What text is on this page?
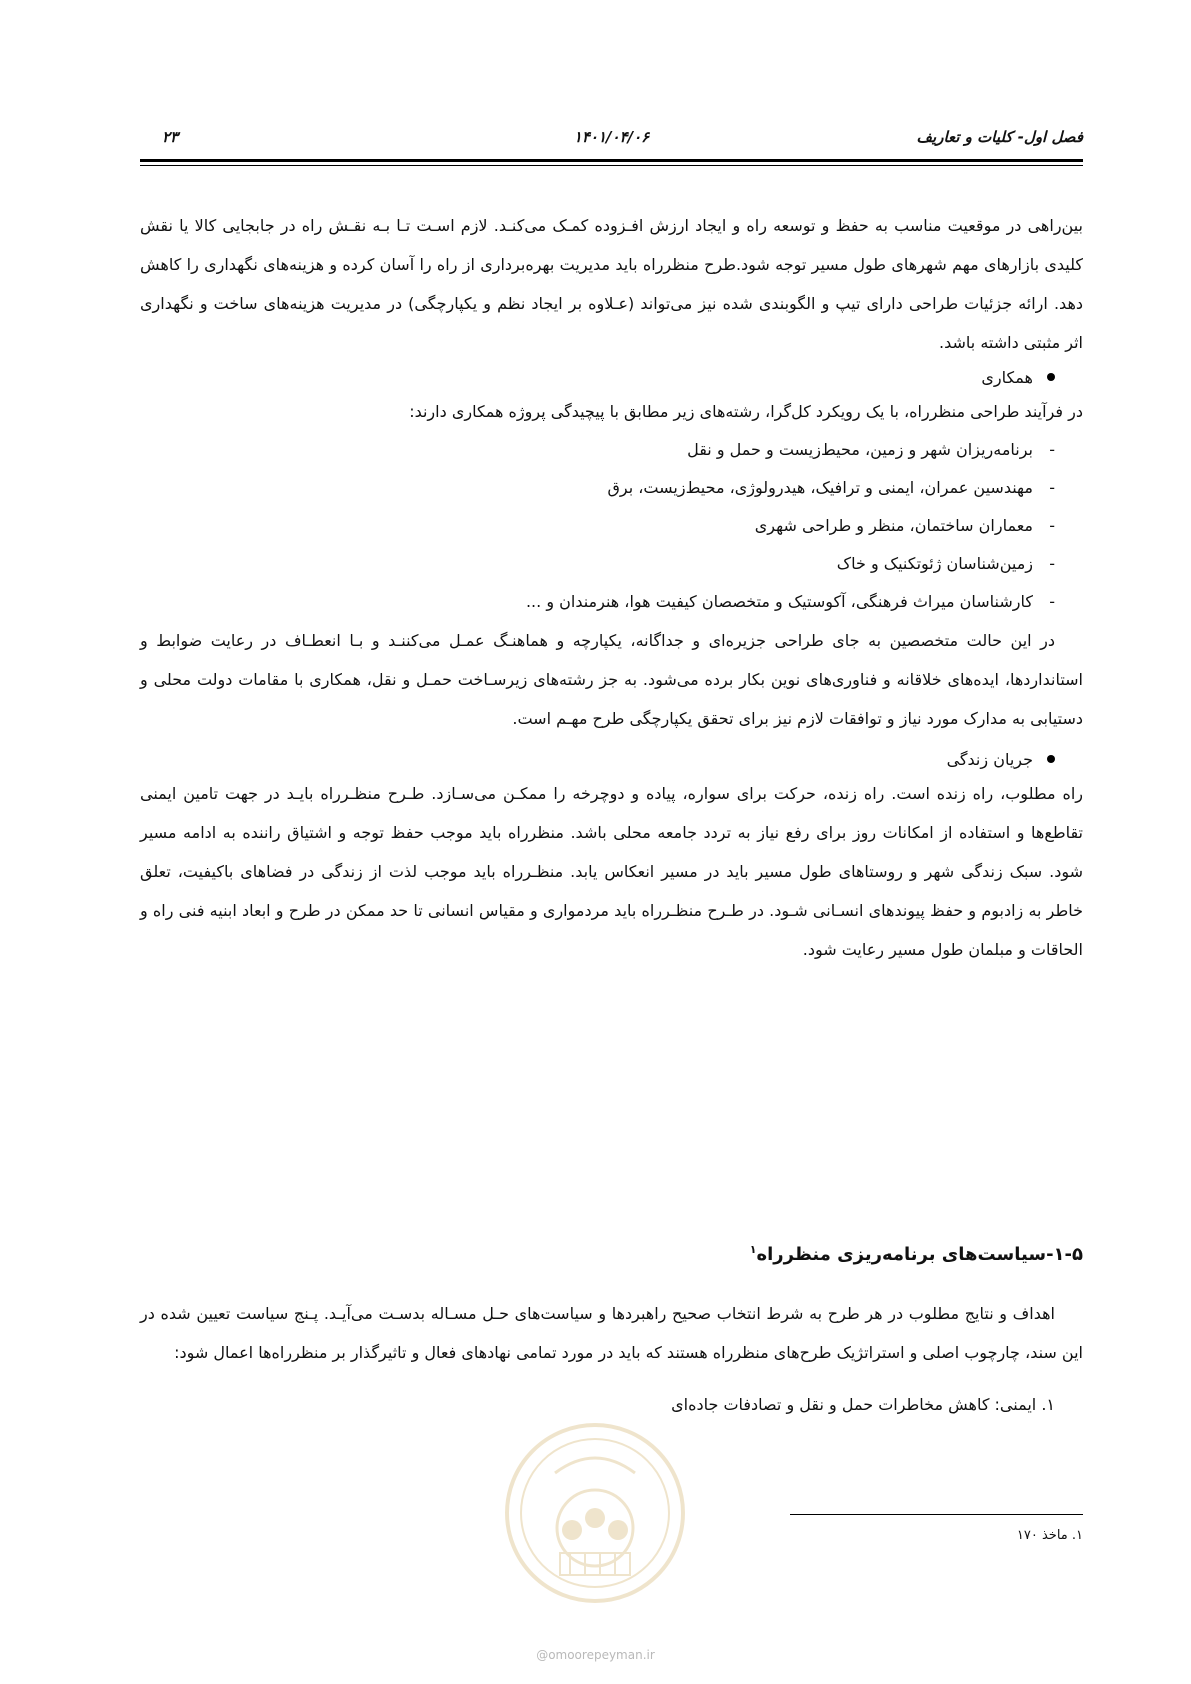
فصل اول- کلیات و تعاریف
۱۴۰۱/۰۴/۰۶
۲۳

بین‌راهی در موقعیت مناسب به حفظ و توسعه راه و ایجاد ارزش افـزوده کمـک می‌کنـد. لازم اسـت تـا بـه نقـش راه در جابجایی کالا یا نقش کلیدی بازارهای مهم شهرهای طول مسیر توجه شود.طرح منظرراه باید مدیریت بهره‌برداری از راه را آسان کرده و هزینه‌های نگهداری را کاهش دهد. ارائه جزئیات طراحی دارای تیپ و الگوبندی شده نیز می‌تواند (عـلاوه بر ایجاد نظم و یکپارچگی) در مدیریت هزینه‌های ساخت و نگهداری اثر مثبتی داشته باشد.

همکاری

در فرآیند طراحی منظرراه، با یک رویکرد کل‌گرا، رشته‌های زیر مطابق با پیچیدگی پروژه همکاری دارند:

-برنامه‌ریزان شهر و زمین، محیط‌زیست و حمل و نقل
-مهندسین عمران، ایمنی و ترافیک، هیدرولوژی، محیط‌زیست، برق
-معماران ساختمان، منظر و طراحی شهری
-زمین‌شناسان ژئوتکنیک و خاک
-کارشناسان میراث فرهنگی، آکوستیک و متخصصان کیفیت هوا، هنرمندان و ...

در این حالت متخصصین به جای طراحی جزیره‌ای و جداگانه، یکپارچه و هماهنـگ عمـل می‌کننـد و بـا انعطـاف در رعایت ضوابط و استانداردها، ایده‌های خلاقانه و فناوری‌های نوین بکار برده می‌شود. به جز رشته‌های زیرسـاخت حمـل و نقل، همکاری با مقامات دولت محلی و دستیابی به مدارک مورد نیاز و توافقات لازم نیز برای تحقق یکپارچگی طرح مهـم است.

جریان زندگی

راه مطلوب، راه زنده است. راه زنده، حرکت برای سواره، پیاده و دوچرخه را ممکـن می‌سـازد. طـرح منظـرراه بایـد در جهت تامین ایمنی تقاطع‌ها و استفاده از امکانات روز برای رفع نیاز به تردد جامعه محلی باشد. منظرراه باید موجب حفظ توجه و اشتیاق راننده به ادامه مسیر شود. سبک زندگی شهر و روستاهای طول مسیر باید در مسیر انعکاس یابد. منظـرراه باید موجب لذت از زندگی در فضاهای باکیفیت، تعلق خاطر به زادبوم و حفظ پیوندهای انسـانی شـود. در طـرح منظـرراه باید مردمواری و مقیاس انسانی تا حد ممکن در طرح و ابعاد ابنیه فنی راه و الحاقات و مبلمان طول مسیر رعایت شود.

۱-۵-سیاست‌های برنامه‌ریزی منظرراه$^۱$

اهداف و نتایج مطلوب در هر طرح به شرط انتخاب صحیح راهبردها و سیاست‌های حـل مسـاله بدسـت می‌آیـد. پـنج سیاست تعیین شده در این سند، چارچوب اصلی و استراتژیک طرح‌های منظرراه هستند که باید در مورد تمامی نهادهای فعال و تاثیرگذار بر منظرراه‌ها اعمال شود:

۱. ایمنی: کاهش مخاطرات حمل و نقل و تصادفات جاده‌ای
۱. ماخذ ۱۷۰
@omoorepeyman.ir
